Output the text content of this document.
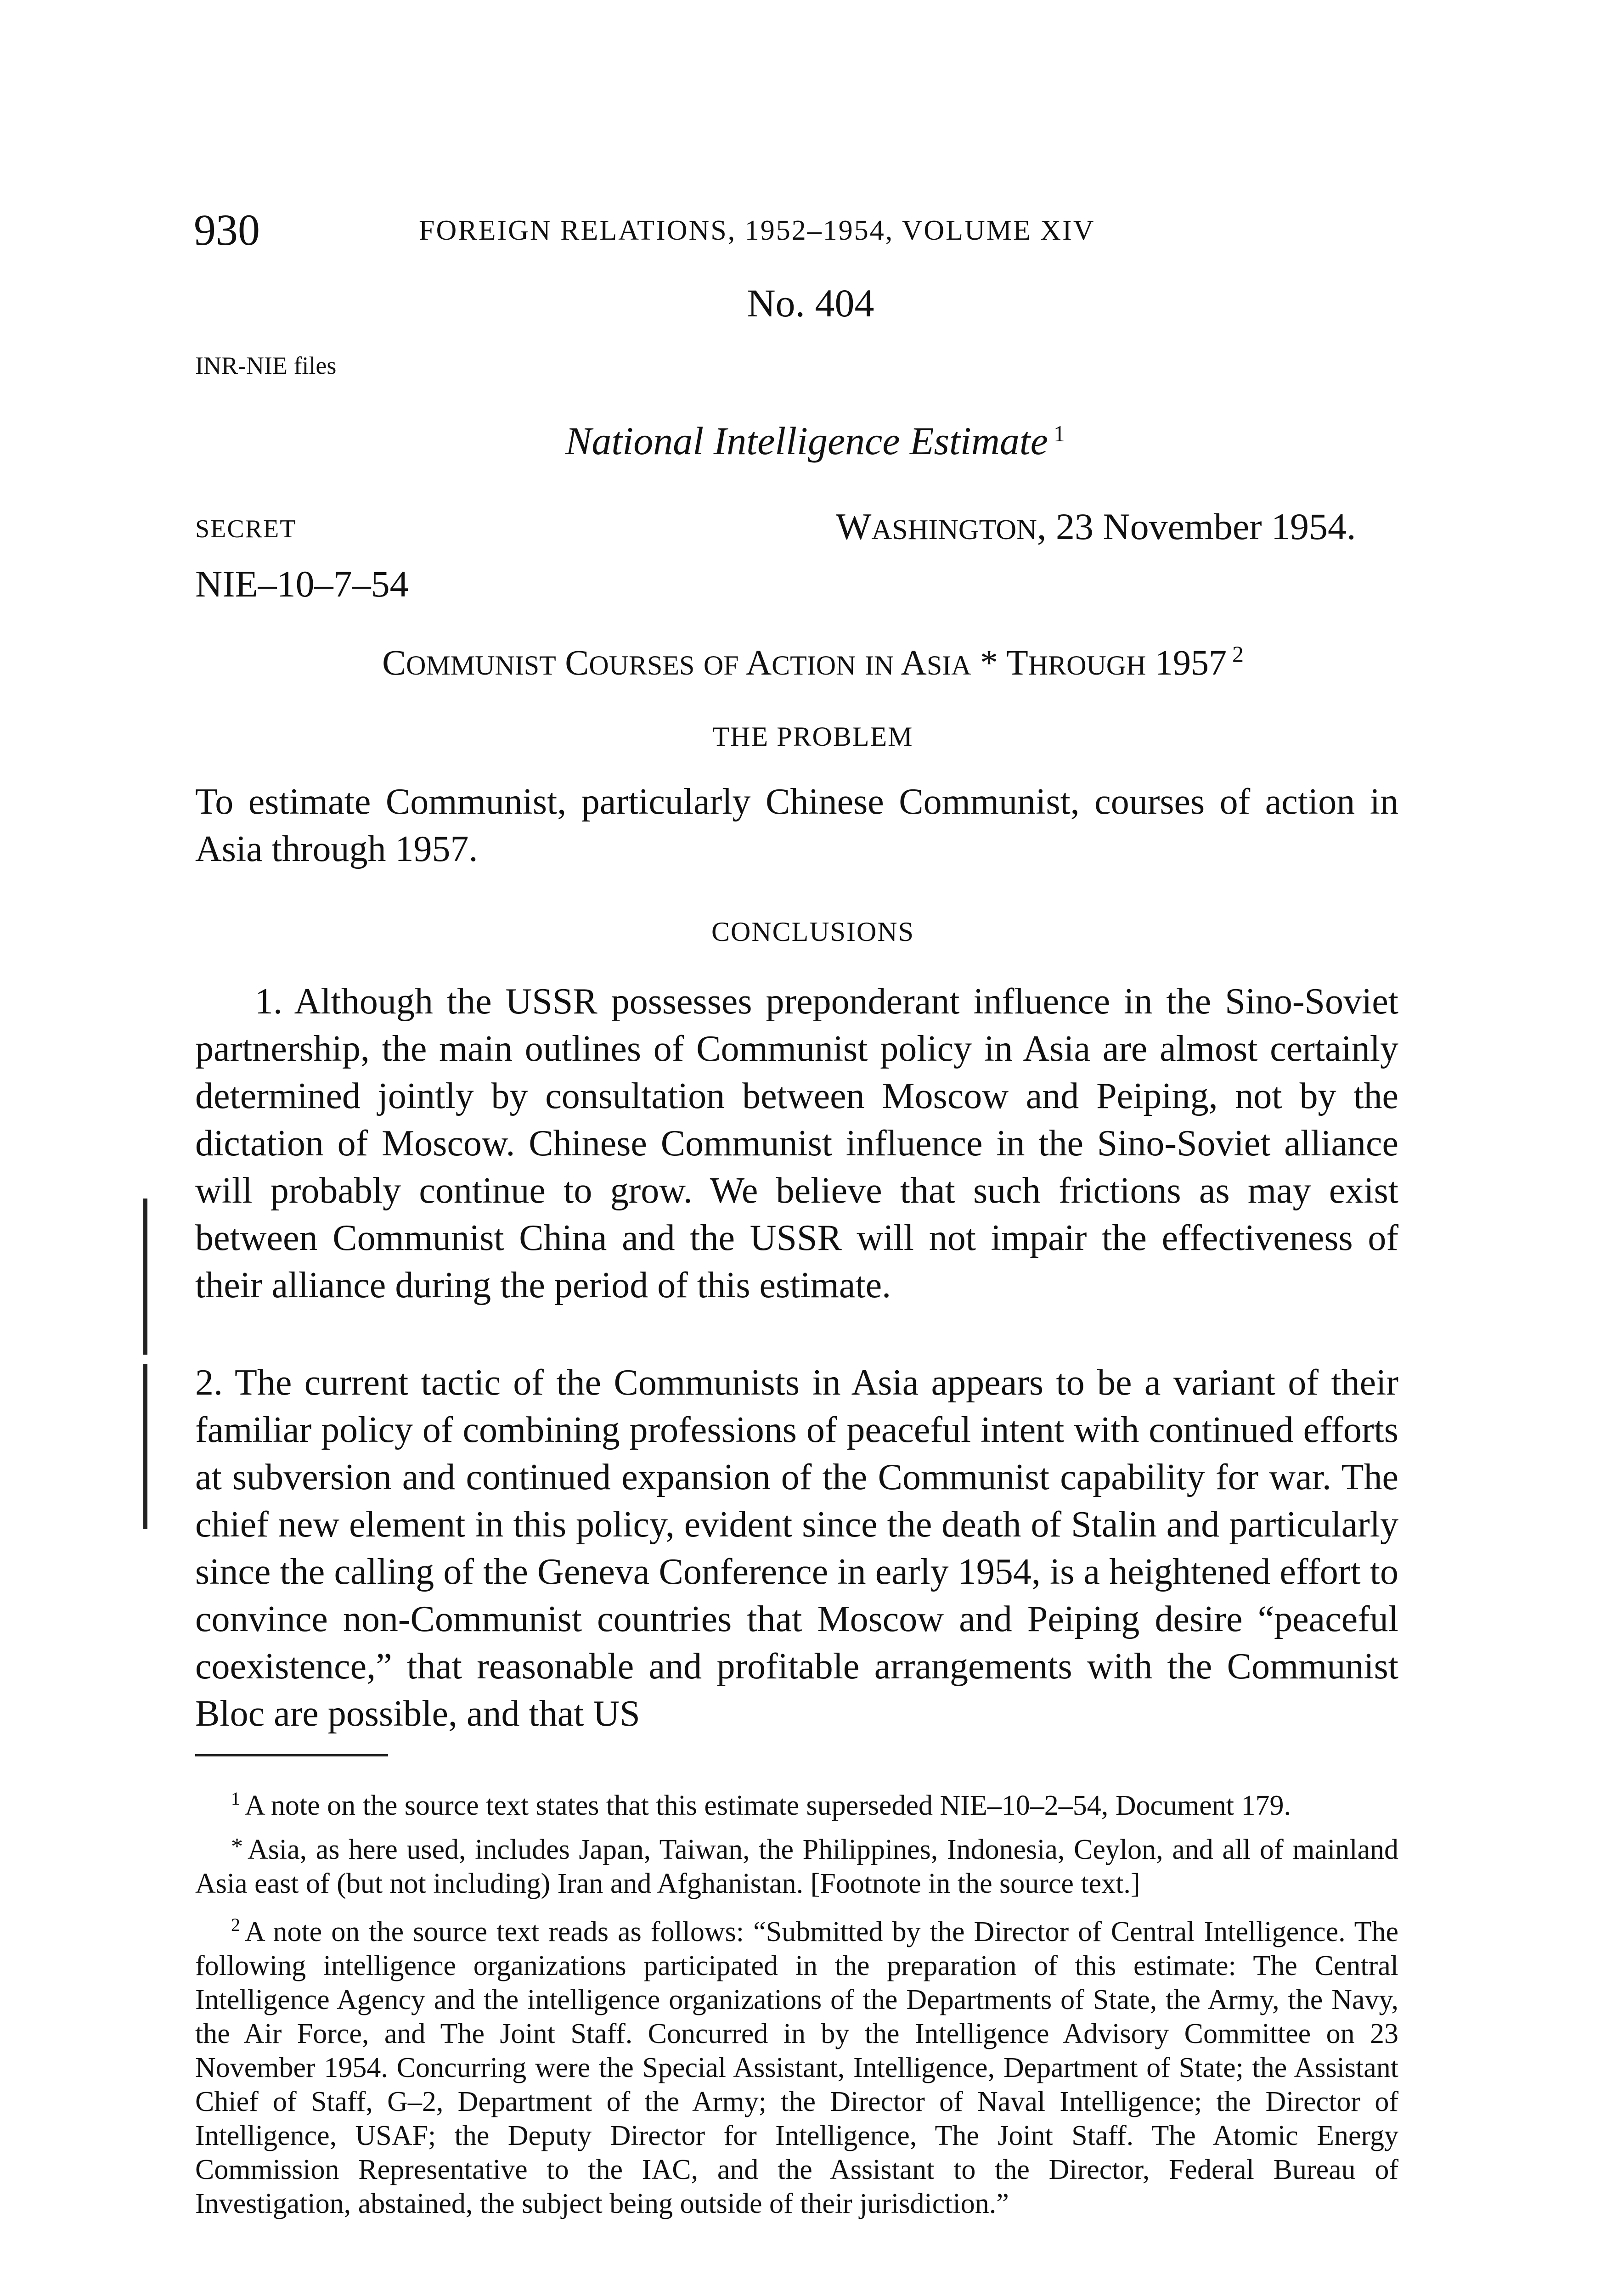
930	FOREIGN RELATIONS, 1952–1954, VOLUME XIV
No. 404
INR-NIE files
National Intelligence Estimate $^1$
SECRET	WASHINGTON, 23 November 1954.
NIE–10–7–54
COMMUNIST COURSES OF ACTION IN ASIA * THROUGH 1957 $^2$
THE PROBLEM

To estimate Communist, particularly Chinese Communist, courses of action in Asia through 1957.

CONCLUSIONS

1. Although the USSR possesses preponderant influence in the Sino-Soviet partnership, the main outlines of Communist policy in Asia are almost certainly determined jointly by consultation between Moscow and Peiping, not by the dictation of Moscow. Chinese Communist influence in the Sino-Soviet alliance will probably continue to grow. We believe that such frictions as may exist between Communist China and the USSR will not impair the effectiveness of their alliance during the period of this estimate.

2. The current tactic of the Communists in Asia appears to be a variant of their familiar policy of combining professions of peaceful intent with continued efforts at subversion and continued expansion of the Communist capability for war. The chief new element in this policy, evident since the death of Stalin and particularly since the calling of the Geneva Conference in early 1954, is a heightened effort to convince non-Communist countries that Moscow and Peiping desire “peaceful coexistence,” that reasonable and profitable arrangements with the Communist Bloc are possible, and that US

$^1$ A note on the source text states that this estimate superseded NIE–10–2–54, Document 179.

* Asia, as here used, includes Japan, Taiwan, the Philippines, Indonesia, Ceylon, and all of mainland Asia east of (but not including) Iran and Afghanistan. [Footnote in the source text.]

$^2$ A note on the source text reads as follows: “Submitted by the Director of Central Intelligence. The following intelligence organizations participated in the preparation of this estimate: The Central Intelligence Agency and the intelligence organizations of the Departments of State, the Army, the Navy, the Air Force, and The Joint Staff. Concurred in by the Intelligence Advisory Committee on 23 November 1954. Concurring were the Special Assistant, Intelligence, Department of State; the Assistant Chief of Staff, G–2, Department of the Army; the Director of Naval Intelligence; the Director of Intelligence, USAF; the Deputy Director for Intelligence, The Joint Staff. The Atomic Energy Commission Representative to the IAC, and the Assistant to the Director, Federal Bureau of Investigation, abstained, the subject being outside of their jurisdiction.”
